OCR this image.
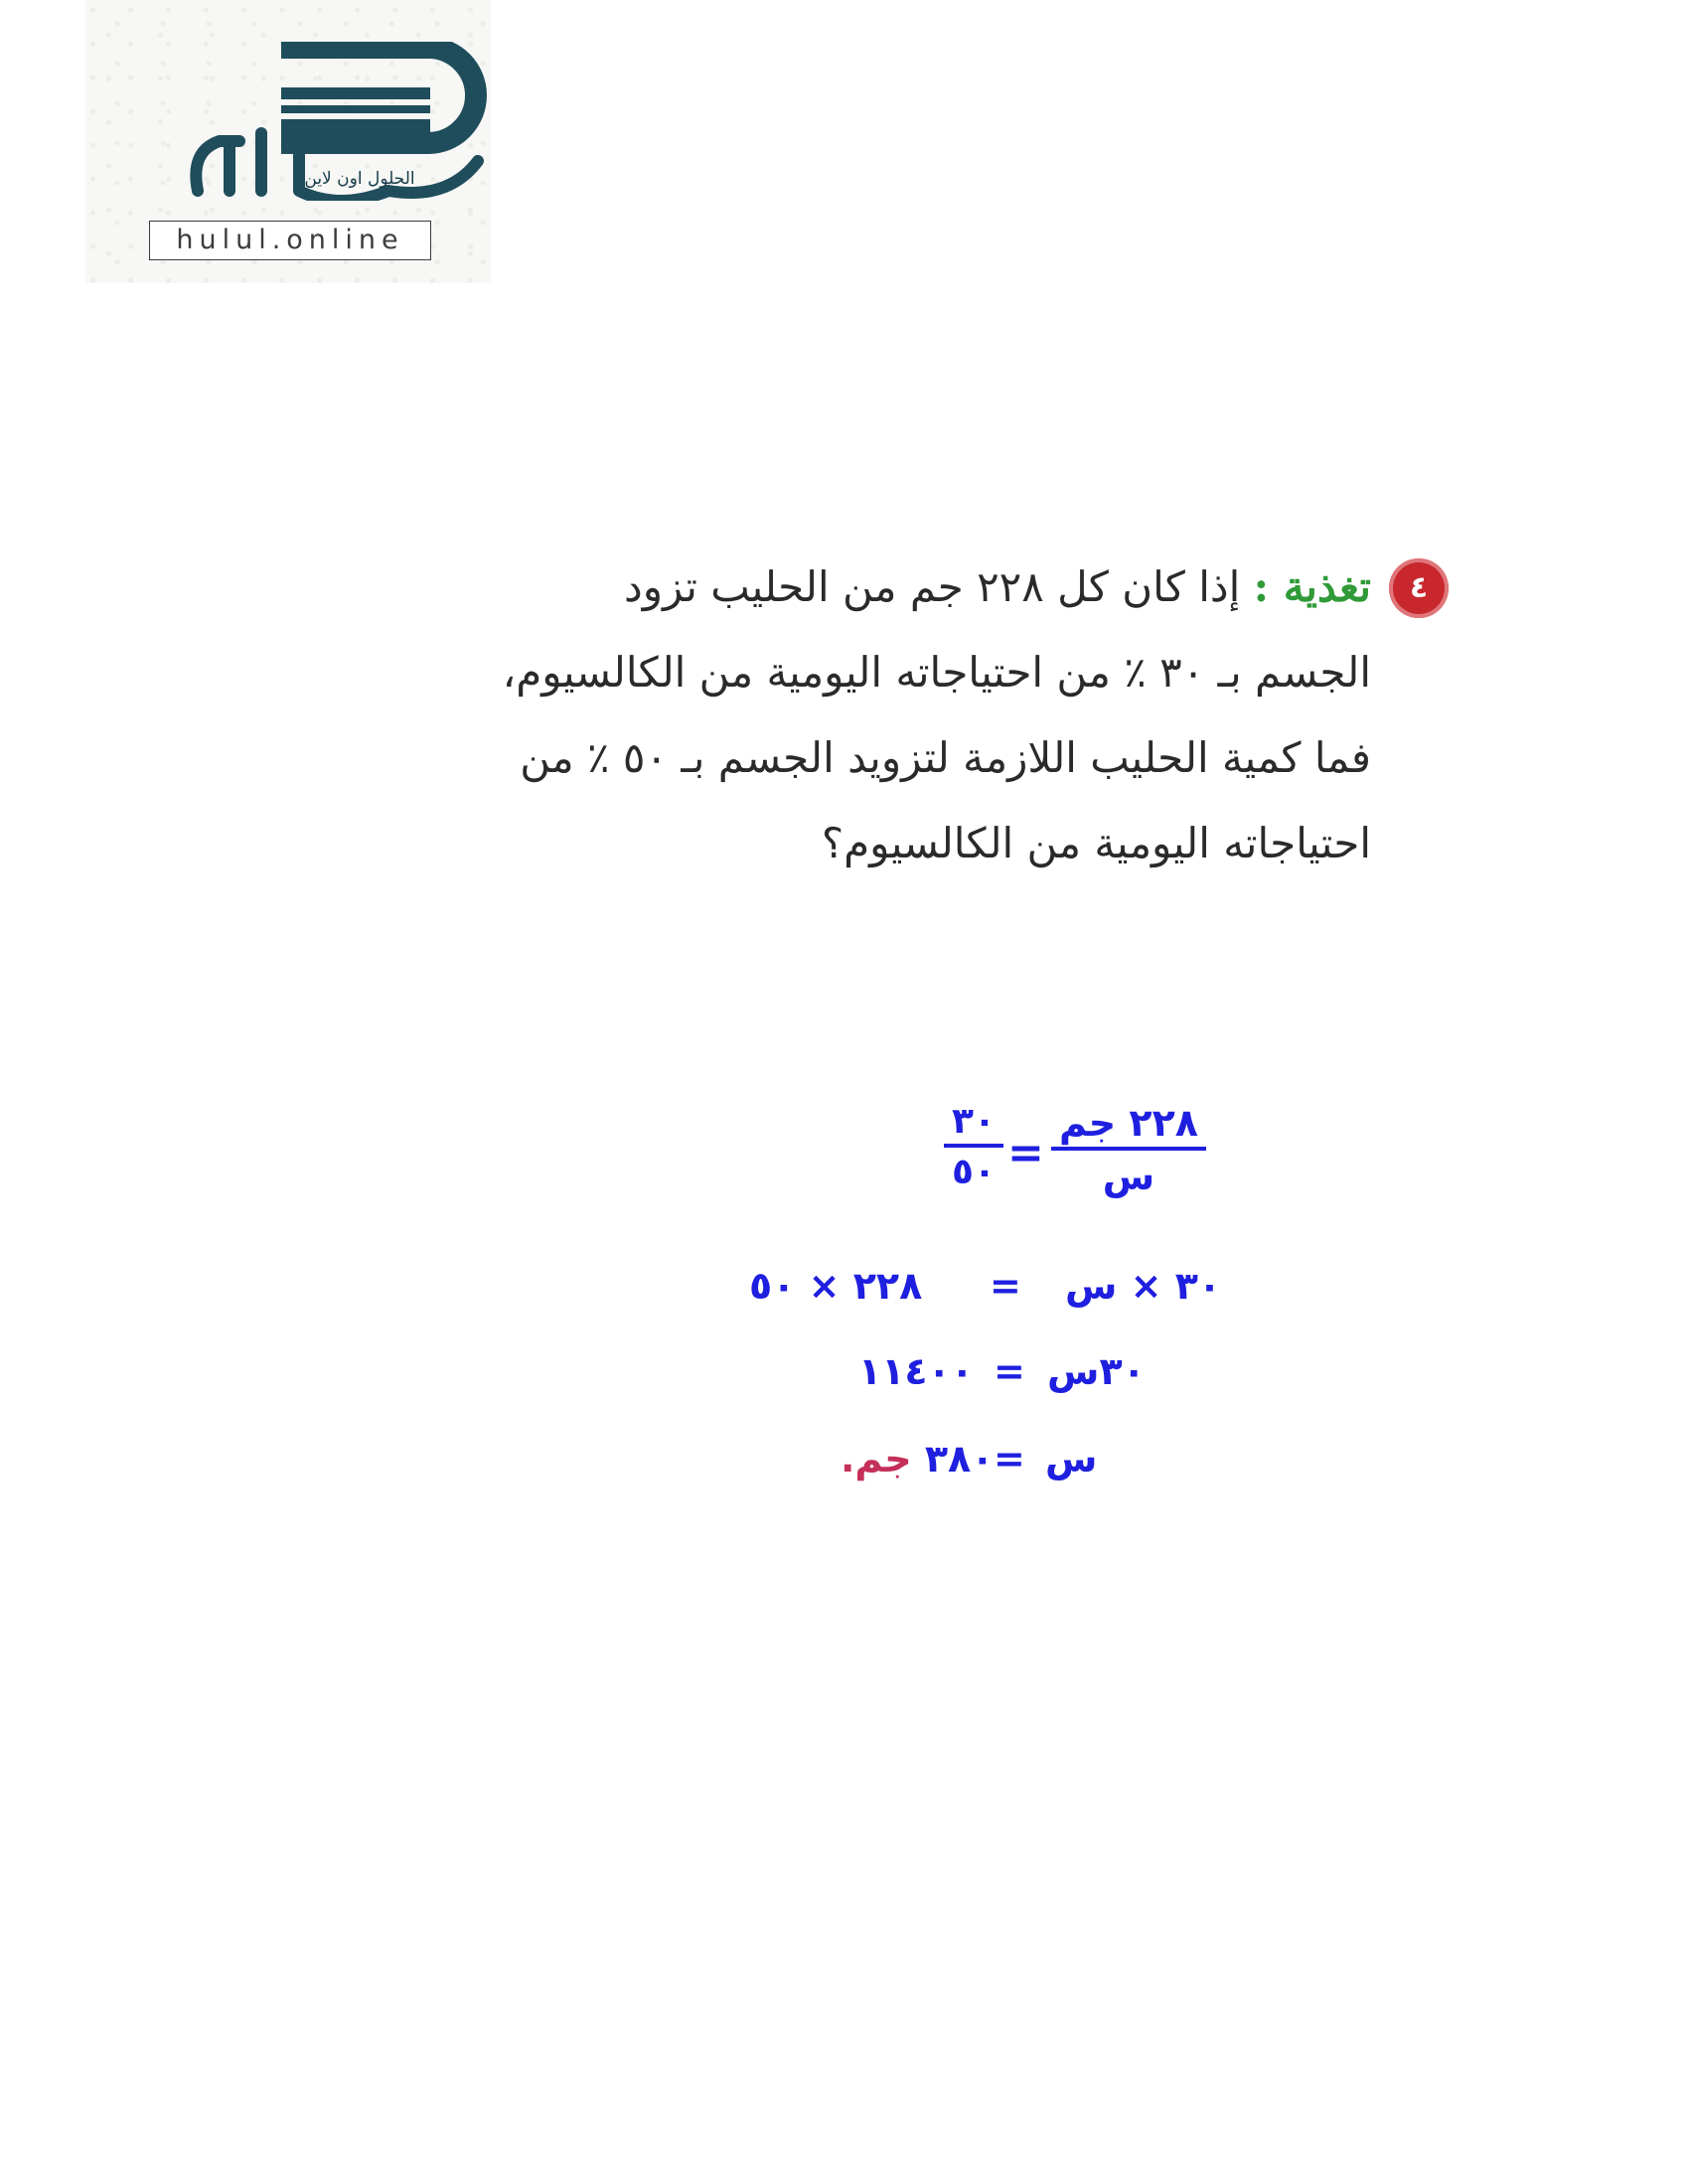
الحلول اون لاين
hulul.online
٤
تغذية : إذا كان كل ٢٢٨ جم من الحليب تزود
الجسم بـ ٣٠ ٪ من احتياجاته اليومية من الكالسيوم،
فما كمية الحليب اللازمة لتزويد الجسم بـ ٥٠ ٪ من
احتياجاته اليومية من الكالسيوم؟
٢٢٨ جم
س
=
٣٠
٥٠
٢٢٨ × ٥٠ = ٣٠ × س
١١٤٠٠ = ٣٠س
٣٨٠ جم.	= س
